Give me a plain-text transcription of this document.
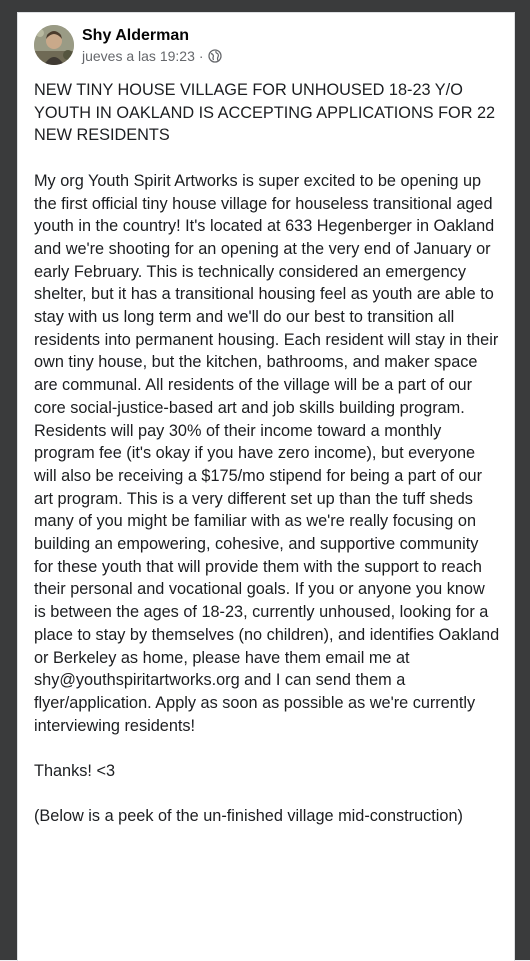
Shy Alderman
jueves a las 19:23 ·

NEW TINY HOUSE VILLAGE FOR UNHOUSED 18-23 Y/O YOUTH IN OAKLAND IS ACCEPTING APPLICATIONS FOR 22 NEW RESIDENTS

My org Youth Spirit Artworks is super excited to be opening up the first official tiny house village for houseless transitional aged youth in the country! It's located at 633 Hegenberger in Oakland and we're shooting for an opening at the very end of January or early February. This is technically considered an emergency shelter, but it has a transitional housing feel as youth are able to stay with us long term and we'll do our best to transition all residents into permanent housing. Each resident will stay in their own tiny house, but the kitchen, bathrooms, and maker space are communal. All residents of the village will be a part of our core social-justice-based art and job skills building program. Residents will pay 30% of their income toward a monthly program fee (it's okay if you have zero income), but everyone will also be receiving a $175/mo stipend for being a part of our art program. This is a very different set up than the tuff sheds many of you might be familiar with as we're really focusing on building an empowering, cohesive, and supportive community for these youth that will provide them with the support to reach their personal and vocational goals. If you or anyone you know is between the ages of 18-23, currently unhoused, looking for a place to stay by themselves (no children), and identifies Oakland or Berkeley as home, please have them email me at shy@youthspiritartworks.org and I can send them a flyer/application. Apply as soon as possible as we're currently interviewing residents!

Thanks! <3

(Below is a peek of the un-finished village mid-construction)
